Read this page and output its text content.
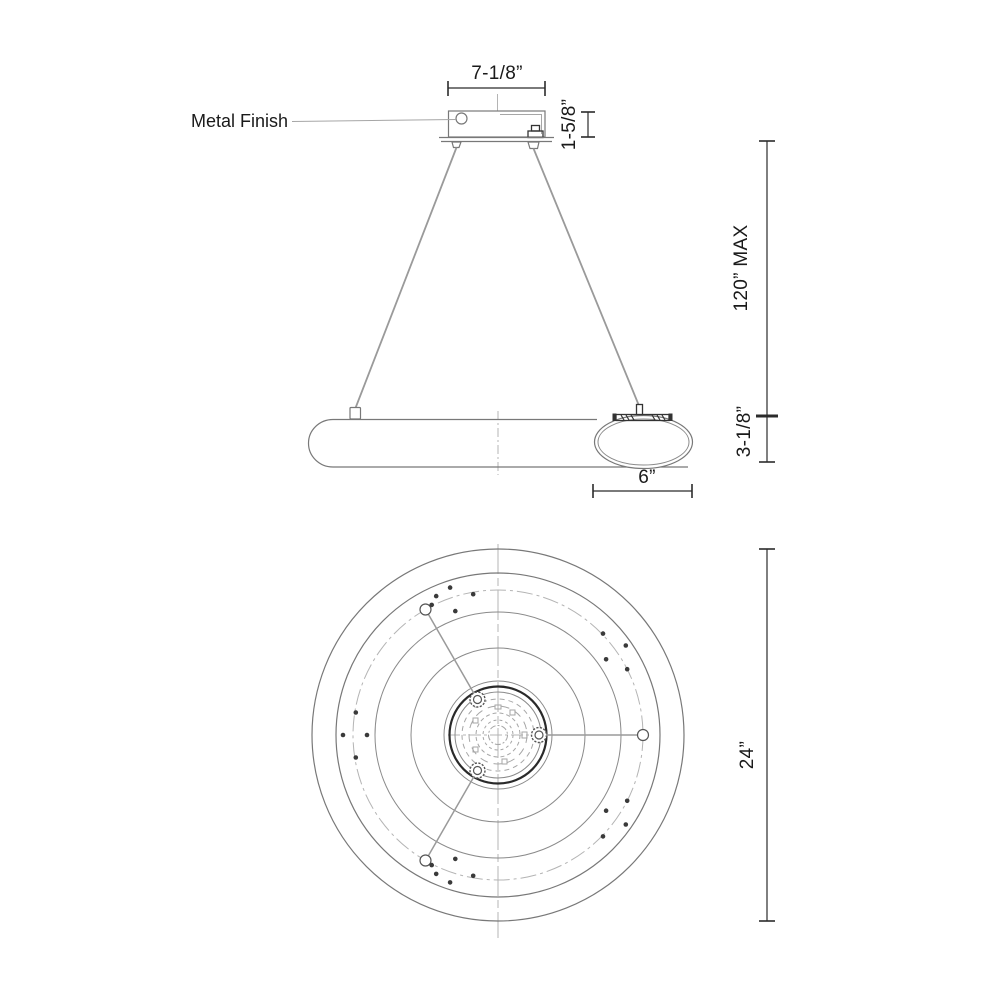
7-1/8”
1-5/8”
Metal Finish
6”
120” MAX
3-1/8”
24”
